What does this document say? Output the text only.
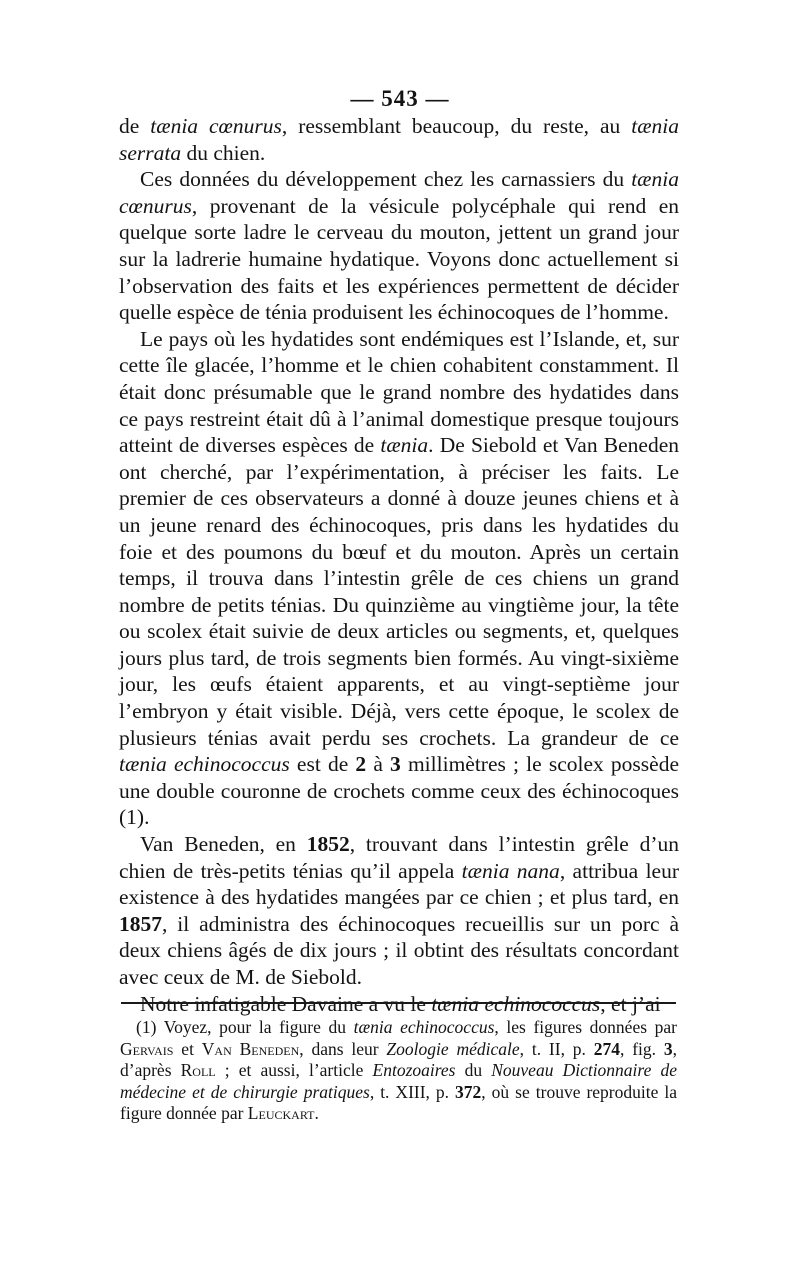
— 543 —

de tænia cœnurus, ressemblant beaucoup, du reste, au tænia serrata du chien.

Ces données du développement chez les carnassiers du tænia cœnurus, provenant de la vésicule polycéphale qui rend en quelque sorte ladre le cerveau du mouton, jettent un grand jour sur la ladrerie humaine hydatique. Voyons donc actuellement si l’observation des faits et les expériences permettent de décider quelle espèce de ténia produisent les échinocoques de l’homme.

Le pays où les hydatides sont endémiques est l’Islande, et, sur cette île glacée, l’homme et le chien cohabitent constamment. Il était donc présumable que le grand nombre des hydatides dans ce pays restreint était dû à l’animal domestique presque toujours atteint de diverses espèces de tænia. De Siebold et Van Beneden ont cherché, par l’expérimentation, à préciser les faits. Le premier de ces observateurs a donné à douze jeunes chiens et à un jeune renard des échinocoques, pris dans les hydatides du foie et des poumons du bœuf et du mouton. Après un certain temps, il trouva dans l’intestin grêle de ces chiens un grand nombre de petits ténias. Du quinzième au vingtième jour, la tête ou scolex était suivie de deux articles ou segments, et, quelques jours plus tard, de trois segments bien formés. Au vingt-sixième jour, les œufs étaient apparents, et au vingt-septième jour l’embryon y était visible. Déjà, vers cette époque, le scolex de plusieurs ténias avait perdu ses crochets. La grandeur de ce tænia echinococcus est de 2 à 3 millimètres ; le scolex possède une double couronne de crochets comme ceux des échinocoques (1).

Van Beneden, en 1852, trouvant dans l’intestin grêle d’un chien de très-petits ténias qu’il appela tænia nana, attribua leur existence à des hydatides mangées par ce chien ; et plus tard, en 1857, il administra des échinocoques recueillis sur un porc à deux chiens âgés de dix jours ; il obtint des résultats concordant avec ceux de M. de Siebold.

Notre infatigable Davaine a vu le tænia echinococcus, et j’ai

(1) Voyez, pour la figure du tænia echinococcus, les figures données par Gervais et Van Beneden, dans leur Zoologie médicale, t. II, p. 274, fig. 3, d’après Roll ; et aussi, l’article Entozoaires du Nouveau Dictionnaire de médecine et de chirurgie pratiques, t. XIII, p. 372, où se trouve reproduite la figure donnée par Leuckart.
